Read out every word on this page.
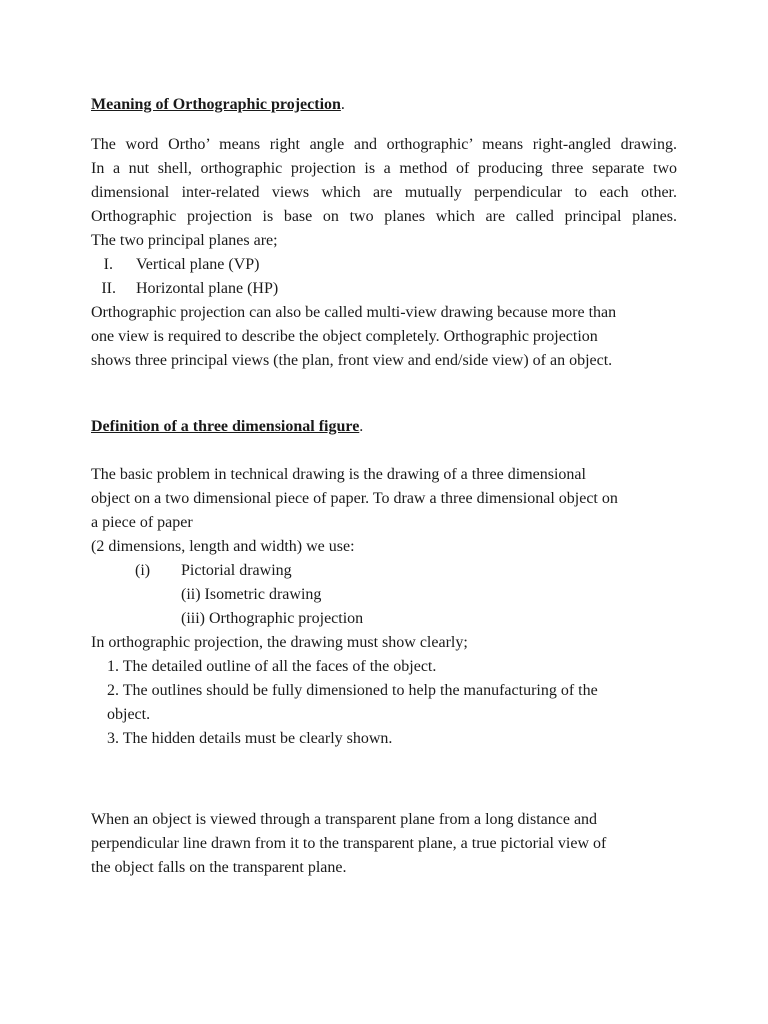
Meaning of Orthographic projection.
The word Ortho’ means right angle and orthographic’ means right-angled drawing.
In a nut shell, orthographic projection is a method of producing three separate two
dimensional inter-related views which are mutually perpendicular to each other.
Orthographic projection is base on two planes which are called principal planes.
The two principal planes are;
I. Vertical plane (VP)
II. Horizontal plane (HP)
Orthographic projection can also be called multi-view drawing because more than
one view is required to describe the object completely. Orthographic projection
shows three principal views (the plan, front view and end/side view) of an object.
Definition of a three dimensional figure.
The basic problem in technical drawing is the drawing of a three dimensional
object on a two dimensional piece of paper. To draw a three dimensional object on
a piece of paper
(2 dimensions, length and width) we use:
(i) Pictorial drawing
(ii) Isometric drawing
(iii) Orthographic projection
In orthographic projection, the drawing must show clearly;
1. The detailed outline of all the faces of the object.
2. The outlines should be fully dimensioned to help the manufacturing of the
object.
3. The hidden details must be clearly shown.
When an object is viewed through a transparent plane from a long distance and
perpendicular line drawn from it to the transparent plane, a true pictorial view of
the object falls on the transparent plane.
